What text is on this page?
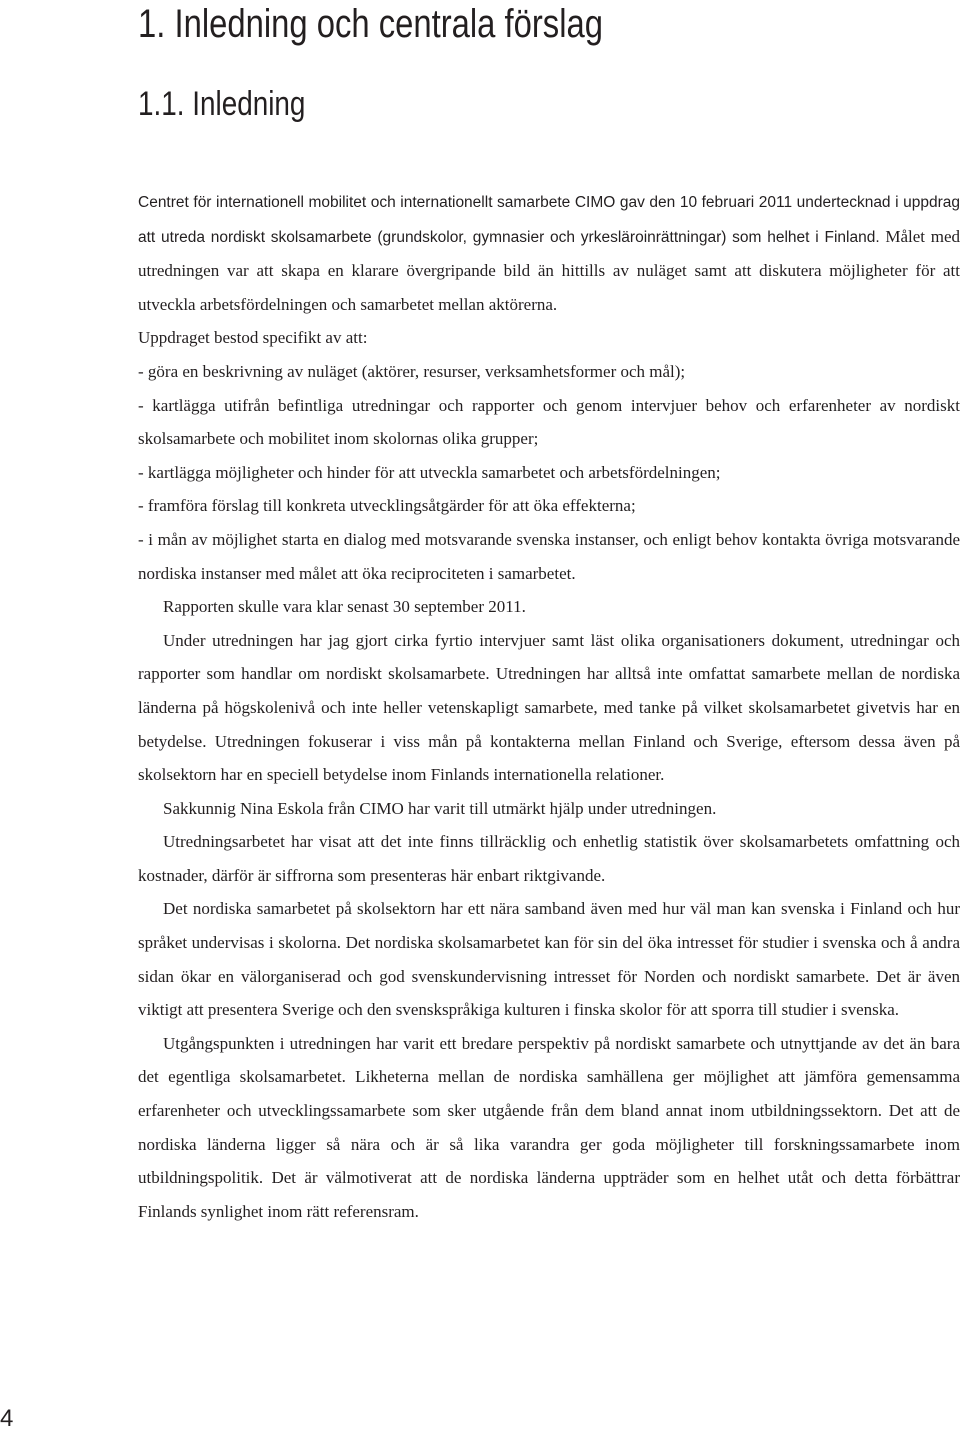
1. Inledning och centrala förslag
1.1. Inledning

Centret för internationell mobilitet och internationellt samarbete CIMO gav den 10 februari 2011 undertecknad i uppdrag att utreda nordiskt skolsamarbete (grundskolor, gymnasier och yrkesläroinrättningar) som helhet i Finland. Målet med utredningen var att skapa en klarare övergripande bild än hittills av nuläget samt att diskutera möjligheter för att utveckla arbetsfördelningen och samarbetet mellan aktörerna.

Uppdraget bestod specifikt av att:

- göra en beskrivning av nuläget (aktörer, resurser, verksamhetsformer och mål);

- kartlägga utifrån befintliga utredningar och rapporter och genom intervjuer behov och erfarenheter av nordiskt skolsamarbete och mobilitet inom skolornas olika grupper;

- kartlägga möjligheter och hinder för att utveckla samarbetet och arbetsfördelningen;

- framföra förslag till konkreta utvecklingsåtgärder för att öka effekterna;

- i mån av möjlighet starta en dialog med motsvarande svenska instanser, och enligt behov kontakta övriga motsvarande nordiska instanser med målet att öka reciprociteten i samarbetet.

Rapporten skulle vara klar senast 30 september 2011.

Under utredningen har jag gjort cirka fyrtio intervjuer samt läst olika organisationers dokument, utredningar och rapporter som handlar om nordiskt skolsamarbete. Utredningen har alltså inte omfattat samarbete mellan de nordiska länderna på högskolenivå och inte heller vetenskapligt samarbete, med tanke på vilket skolsamarbetet givetvis har en betydelse. Utredningen fokuserar i viss mån på kontakterna mellan Finland och Sverige, eftersom dessa även på skolsektorn har en speciell betydelse inom Finlands internationella relationer.

Sakkunnig Nina Eskola från CIMO har varit till utmärkt hjälp under utredningen.

Utredningsarbetet har visat att det inte finns tillräcklig och enhetlig statistik över skolsamarbetets omfattning och kostnader, därför är siffrorna som presenteras här enbart riktgivande.

Det nordiska samarbetet på skolsektorn har ett nära samband även med hur väl man kan svenska i Finland och hur språket undervisas i skolorna. Det nordiska skolsamarbetet kan för sin del öka intresset för studier i svenska och å andra sidan ökar en välorganiserad och god svenskundervisning intresset för Norden och nordiskt samarbete. Det är även viktigt att presentera Sverige och den svenskspråkiga kulturen i finska skolor för att sporra till studier i svenska.

Utgångspunkten i utredningen har varit ett bredare perspektiv på nordiskt samarbete och utnyttjande av det än bara det egentliga skolsamarbetet. Likheterna mellan de nordiska samhällena ger möjlighet att jämföra gemensamma erfarenheter och utvecklingssamarbete som sker utgående från dem bland annat inom utbildningssektorn. Det att de nordiska länderna ligger så nära och är så lika varandra ger goda möjligheter till forskningssamarbete inom utbildningspolitik. Det är välmotiverat att de nordiska länderna uppträder som en helhet utåt och detta förbättrar Finlands synlighet inom rätt referensram.

4
